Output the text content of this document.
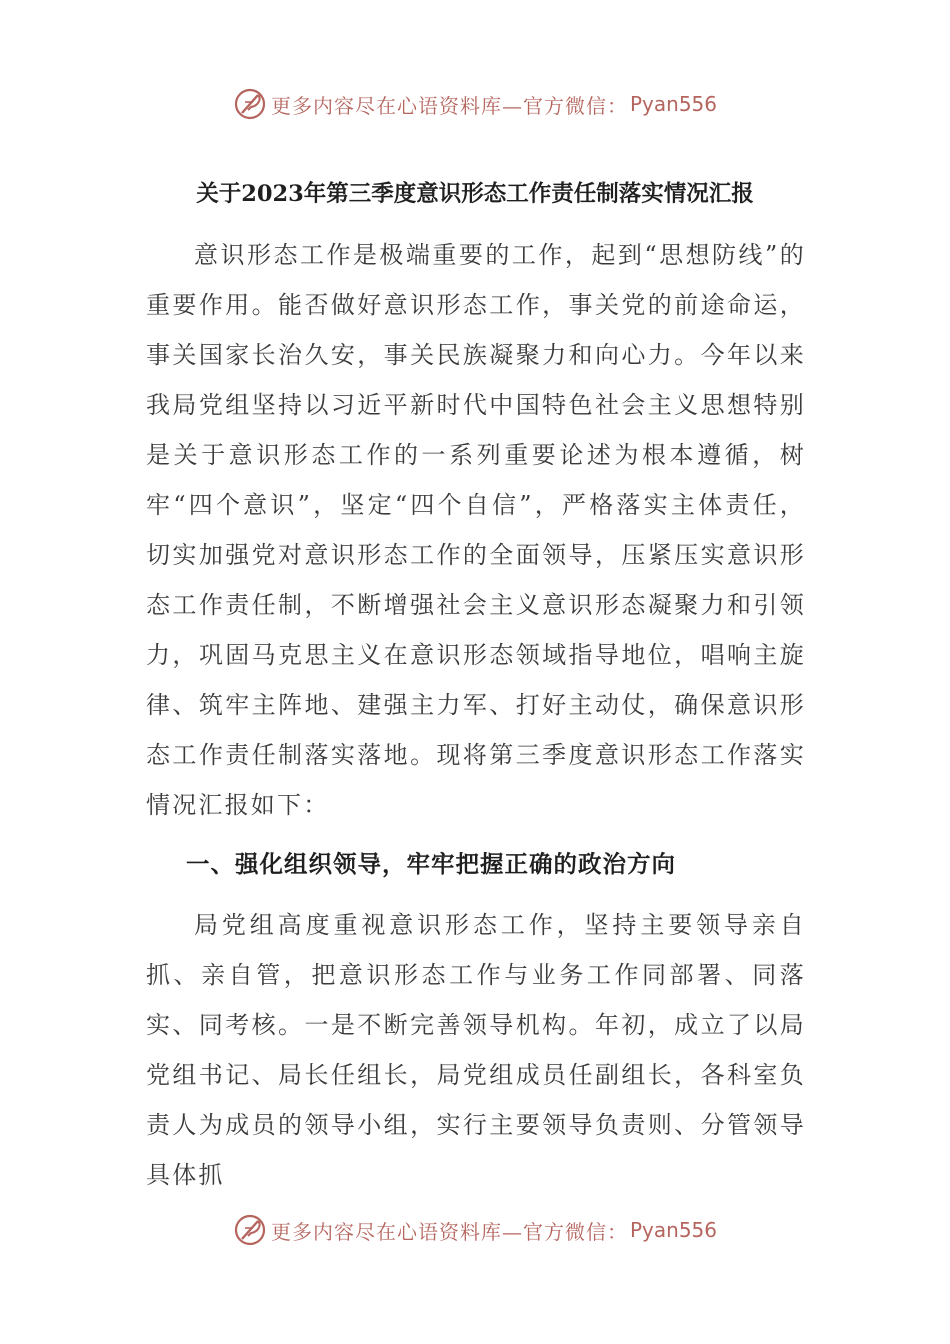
更多内容尽在心语资料库—官方微信： Pyan556
关于2023年第三季度意识形态工作责任制落实情况汇报

意识形态工作是极端重要的工作，起到“思想防线”的重要作用。能否做好意识形态工作，事关党的前途命运，事关国家长治久安，事关民族凝聚力和向心力。今年以来我局党组坚持以习近平新时代中国特色社会主义思想特别是关于意识形态工作的一系列重要论述为根本遵循，树牢“四个意识”，坚定“四个自信”，严格落实主体责任，切实加强党对意识形态工作的全面领导，压紧压实意识形态工作责任制，不断增强社会主义意识形态凝聚力和引领力，巩固马克思主义在意识形态领域指导地位，唱响主旋律、筑牢主阵地、建强主力军、打好主动仗，确保意识形态工作责任制落实落地。现将第三季度意识形态工作落实情况汇报如下：

一、强化组织领导，牢牢把握正确的政治方向

局党组高度重视意识形态工作，坚持主要领导亲自抓、亲自管，把意识形态工作与业务工作同部署、同落实、同考核。一是不断完善领导机构。年初，成立了以局党组书记、局长任组长，局党组成员任副组长，各科室负责人为成员的领导小组，实行主要领导负责则、分管领导具体抓

更多内容尽在心语资料库—官方微信： Pyan556
